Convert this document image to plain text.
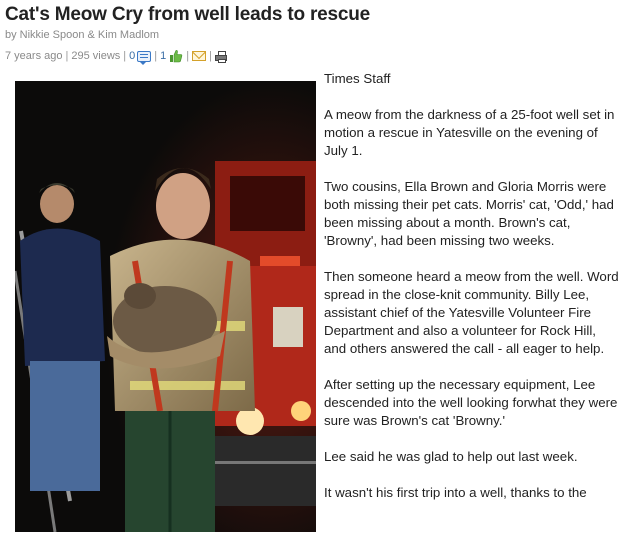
Cat's Meow Cry from well leads to rescue
by Nikkie Spoon & Kim Madlom
7 years ago | 295 views | 0 | 1 | |

Times Staff

A meow from the darkness of a 25-foot well set in motion a rescue in Yatesville on the evening of July 1.

Two cousins, Ella Brown and Gloria Morris were both missing their pet cats. Morris' cat, 'Odd,' had been missing about a month. Brown's cat, 'Browny', had been missing two weeks.

Then someone heard a meow from the well. Word spread in the close-knit community. Billy Lee, assistant chief of the Yatesville Volunteer Fire Department and also a volunteer for Rock Hill, and others answered the call - all eager to help.

After setting up the necessary equipment, Lee descended into the well looking forwhat they were sure was Brown's cat 'Browny.'

Lee said he was glad to help out last week.

It wasn't his first trip into a well, thanks to the
